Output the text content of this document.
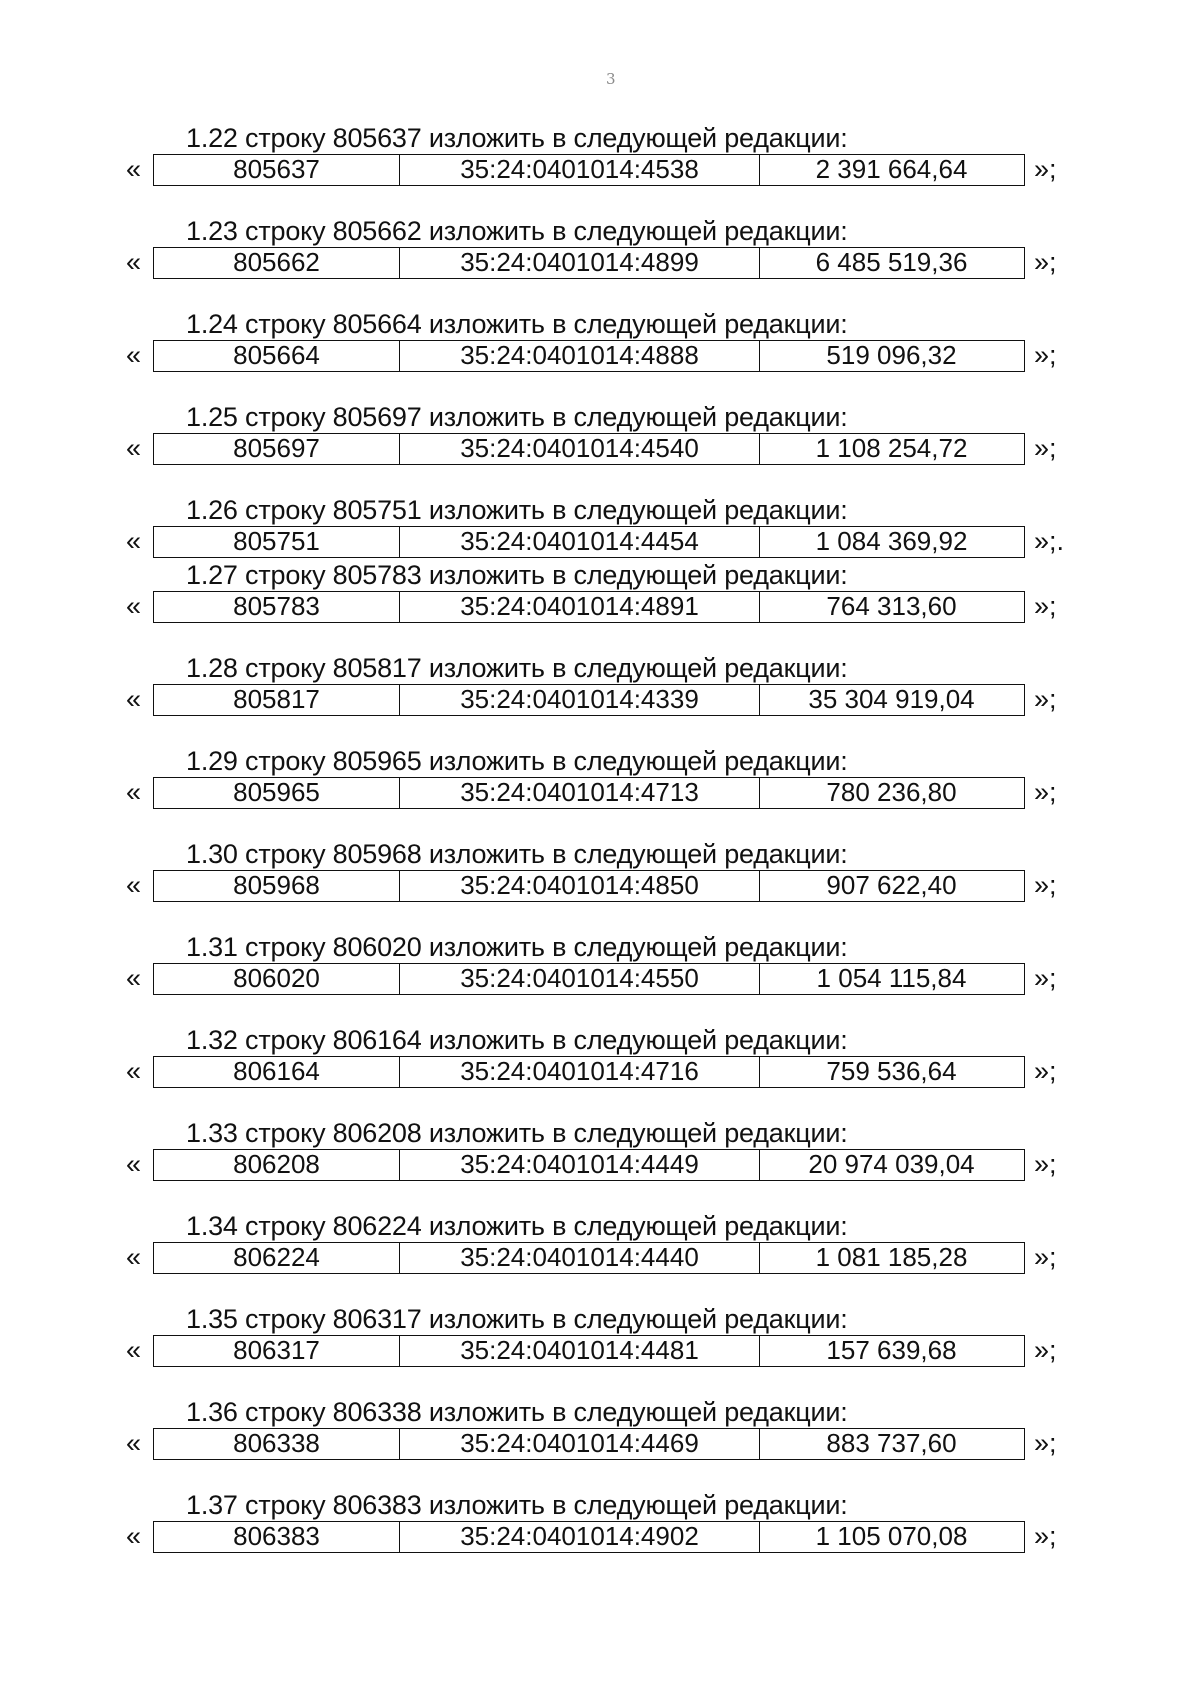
3
1.22 строку 805637 изложить в следующей редакции:
«	805637	35:24:0401014:4538	2 391 664,64	»;
1.23 строку 805662 изложить в следующей редакции:
«	805662	35:24:0401014:4899	6 485 519,36	»;
1.24 строку 805664 изложить в следующей редакции:
«	805664	35:24:0401014:4888	519 096,32	»;
1.25 строку 805697 изложить в следующей редакции:
«	805697	35:24:0401014:4540	1 108 254,72	»;
1.26 строку 805751 изложить в следующей редакции:
«	805751	35:24:0401014:4454	1 084 369,92	»;.
1.27 строку 805783 изложить в следующей редакции:
«	805783	35:24:0401014:4891	764 313,60	»;
1.28 строку 805817 изложить в следующей редакции:
«	805817	35:24:0401014:4339	35 304 919,04	»;
1.29 строку 805965 изложить в следующей редакции:
«	805965	35:24:0401014:4713	780 236,80	»;
1.30 строку 805968 изложить в следующей редакции:
«	805968	35:24:0401014:4850	907 622,40	»;
1.31 строку 806020 изложить в следующей редакции:
«	806020	35:24:0401014:4550	1 054 115,84	»;
1.32 строку 806164 изложить в следующей редакции:
«	806164	35:24:0401014:4716	759 536,64	»;
1.33 строку 806208 изложить в следующей редакции:
«	806208	35:24:0401014:4449	20 974 039,04	»;
1.34 строку 806224 изложить в следующей редакции:
«	806224	35:24:0401014:4440	1 081 185,28	»;
1.35 строку 806317 изложить в следующей редакции:
«	806317	35:24:0401014:4481	157 639,68	»;
1.36 строку 806338 изложить в следующей редакции:
«	806338	35:24:0401014:4469	883 737,60	»;
1.37 строку 806383 изложить в следующей редакции:
«	806383	35:24:0401014:4902	1 105 070,08	»;
